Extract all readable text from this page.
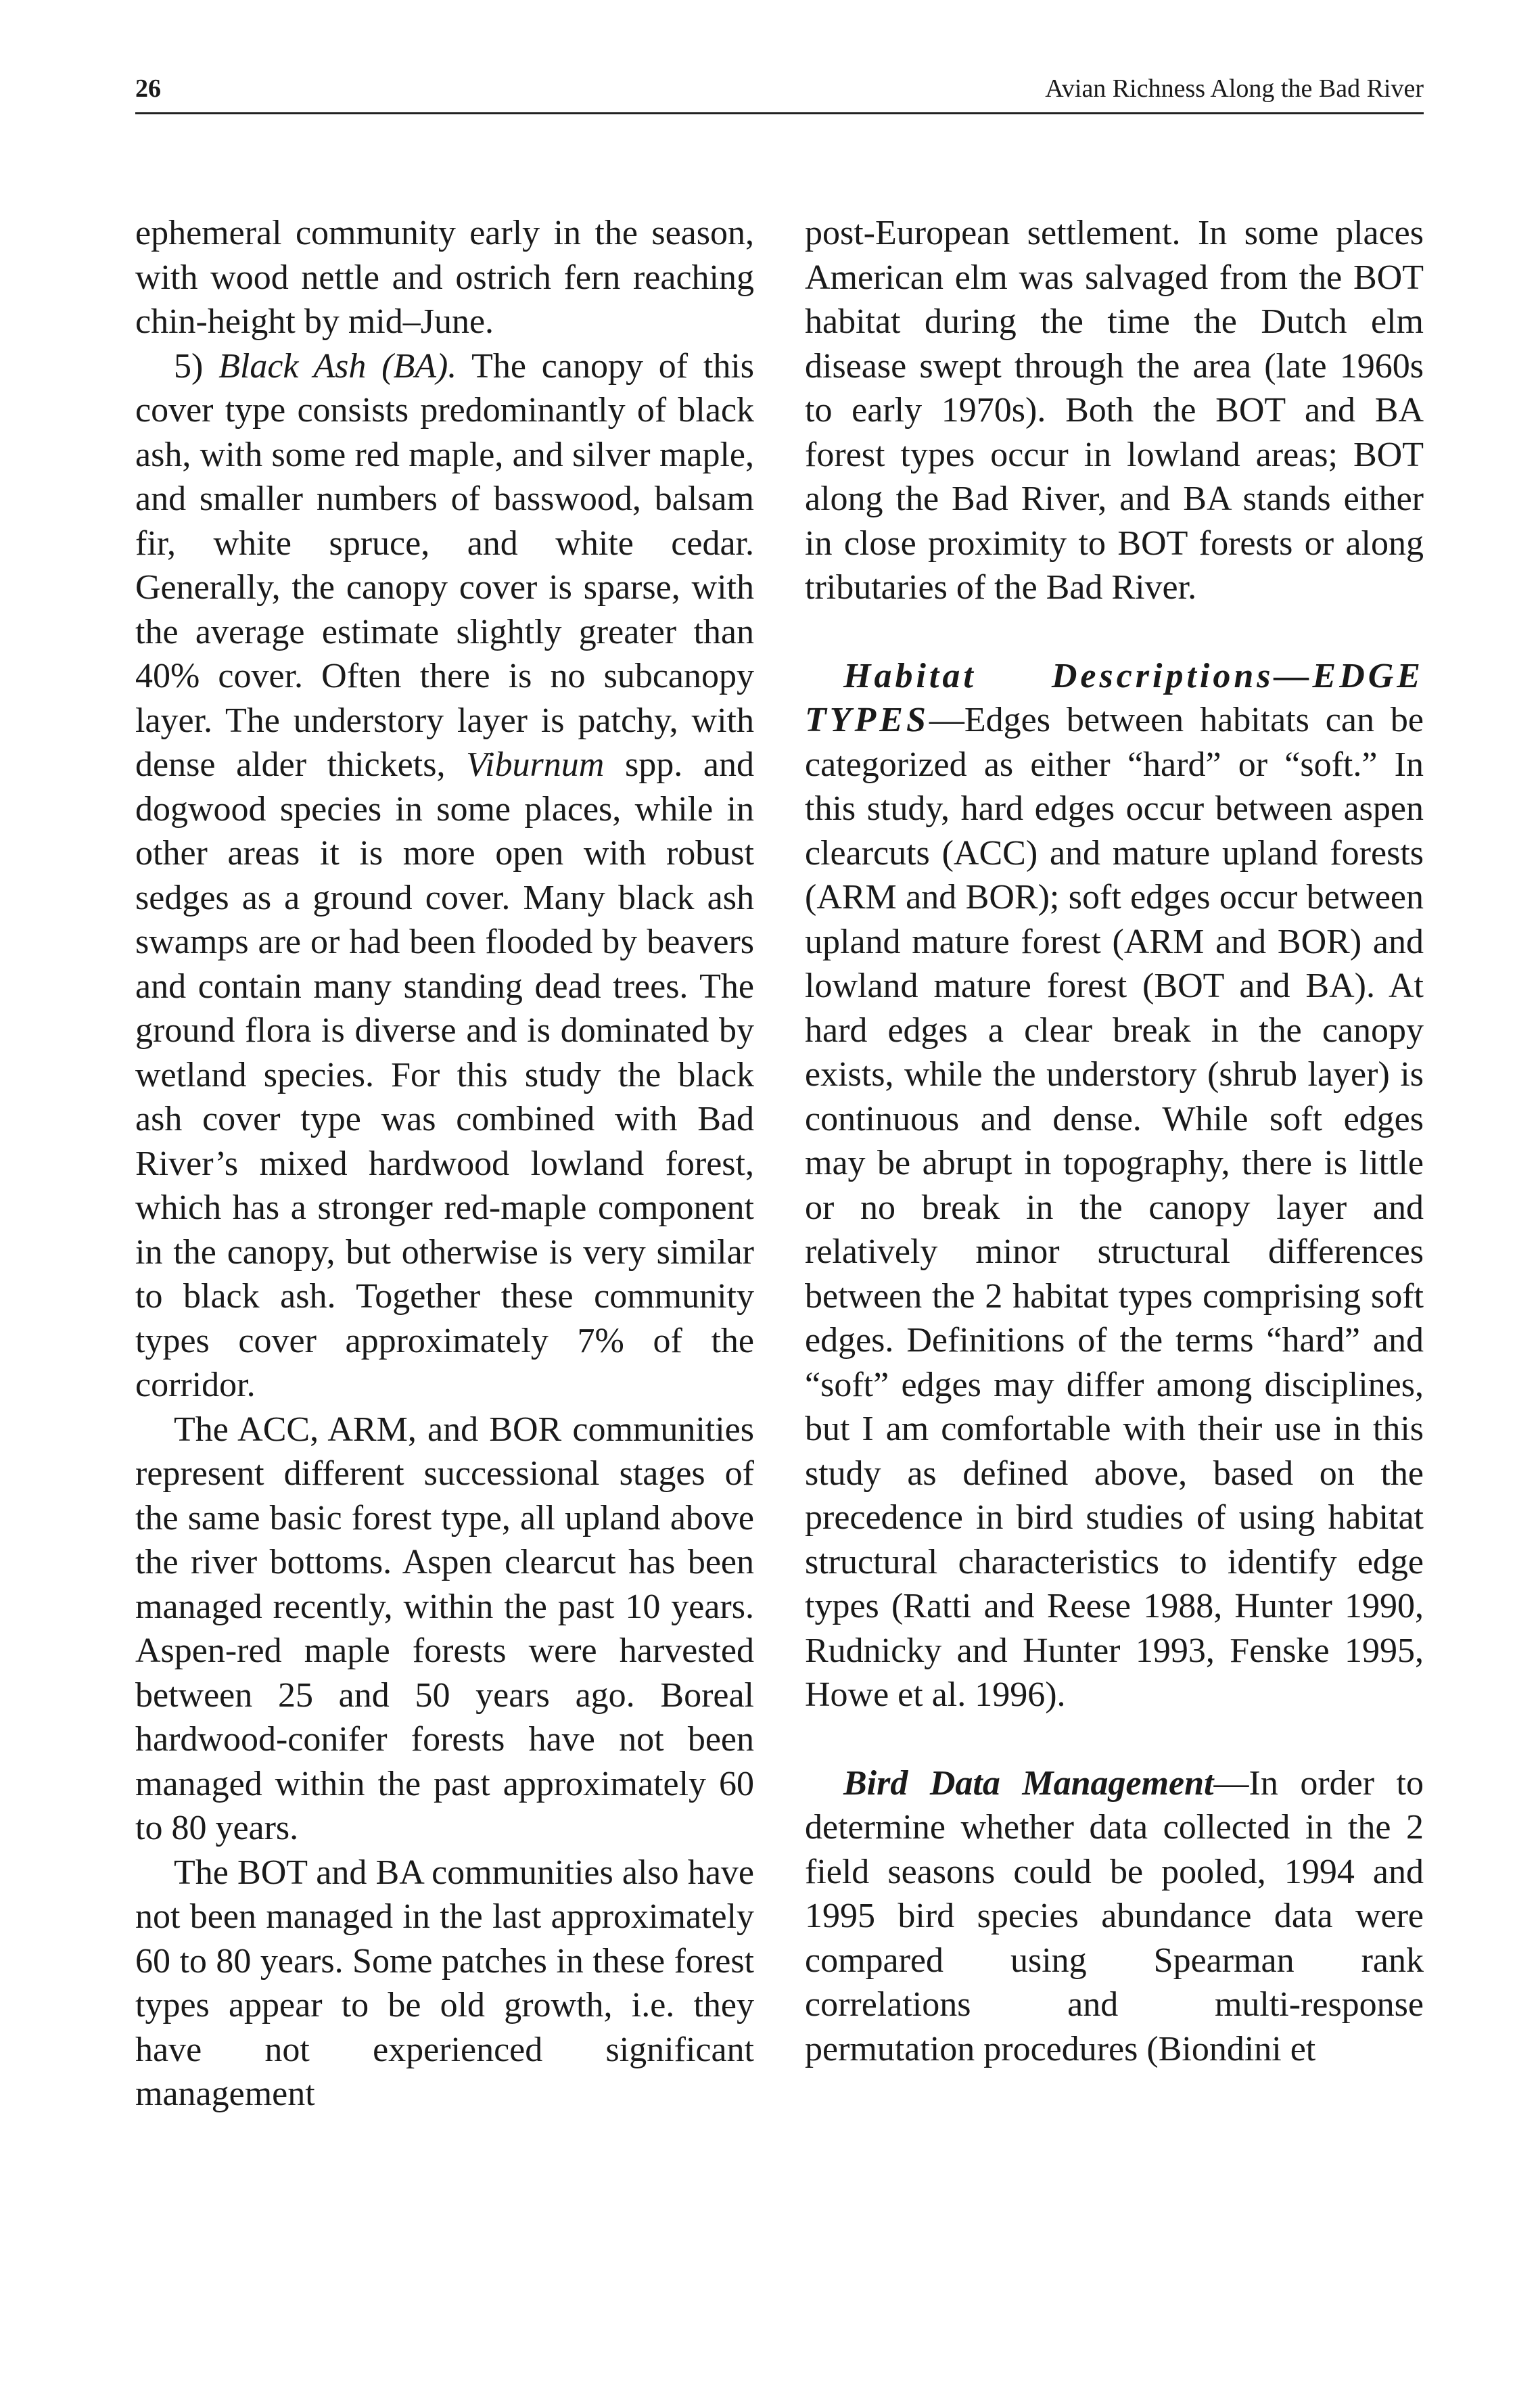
26	Avian Richness Along the Bad River

ephemeral community early in the season, with wood nettle and ostrich fern reaching chin-height by mid–June.

5) Black Ash (BA). The canopy of this cover type consists predominantly of black ash, with some red maple, and silver maple, and smaller numbers of basswood, balsam fir, white spruce, and white cedar. Generally, the canopy cover is sparse, with the average estimate slightly greater than 40% cover. Often there is no subcanopy layer. The understory layer is patchy, with dense alder thickets, Viburnum spp. and dogwood species in some places, while in other areas it is more open with robust sedges as a ground cover. Many black ash swamps are or had been flooded by beavers and contain many standing dead trees. The ground flora is diverse and is dominated by wetland species. For this study the black ash cover type was combined with Bad River’s mixed hardwood lowland forest, which has a stronger red-maple component in the canopy, but otherwise is very similar to black ash. Together these community types cover approximately 7% of the corridor.

The ACC, ARM, and BOR communities represent different successional stages of the same basic forest type, all upland above the river bottoms. Aspen clearcut has been managed recently, within the past 10 years. Aspen-red maple forests were harvested between 25 and 50 years ago. Boreal hardwood-conifer forests have not been managed within the past approximately 60 to 80 years.

The BOT and BA communities also have not been managed in the last approximately 60 to 80 years. Some patches in these forest types appear to be old growth, i.e. they have not experienced significant management

post-European settlement. In some places American elm was salvaged from the BOT habitat during the time the Dutch elm disease swept through the area (late 1960s to early 1970s). Both the BOT and BA forest types occur in lowland areas; BOT along the Bad River, and BA stands either in close proximity to BOT forests or along tributaries of the Bad River.

Habitat Descriptions—EDGE TYPES—Edges between habitats can be categorized as either “hard” or “soft.” In this study, hard edges occur between aspen clearcuts (ACC) and mature upland forests (ARM and BOR); soft edges occur between upland mature forest (ARM and BOR) and lowland mature forest (BOT and BA). At hard edges a clear break in the canopy exists, while the understory (shrub layer) is continuous and dense. While soft edges may be abrupt in topography, there is little or no break in the canopy layer and relatively minor structural differences between the 2 habitat types comprising soft edges. Definitions of the terms “hard” and “soft” edges may differ among disciplines, but I am comfortable with their use in this study as defined above, based on the precedence in bird studies of using habitat structural characteristics to identify edge types (Ratti and Reese 1988, Hunter 1990, Rudnicky and Hunter 1993, Fenske 1995, Howe et al. 1996).

Bird Data Management—In order to determine whether data collected in the 2 field seasons could be pooled, 1994 and 1995 bird species abundance data were compared using Spearman rank correlations and multi-response permutation procedures (Biondini et
